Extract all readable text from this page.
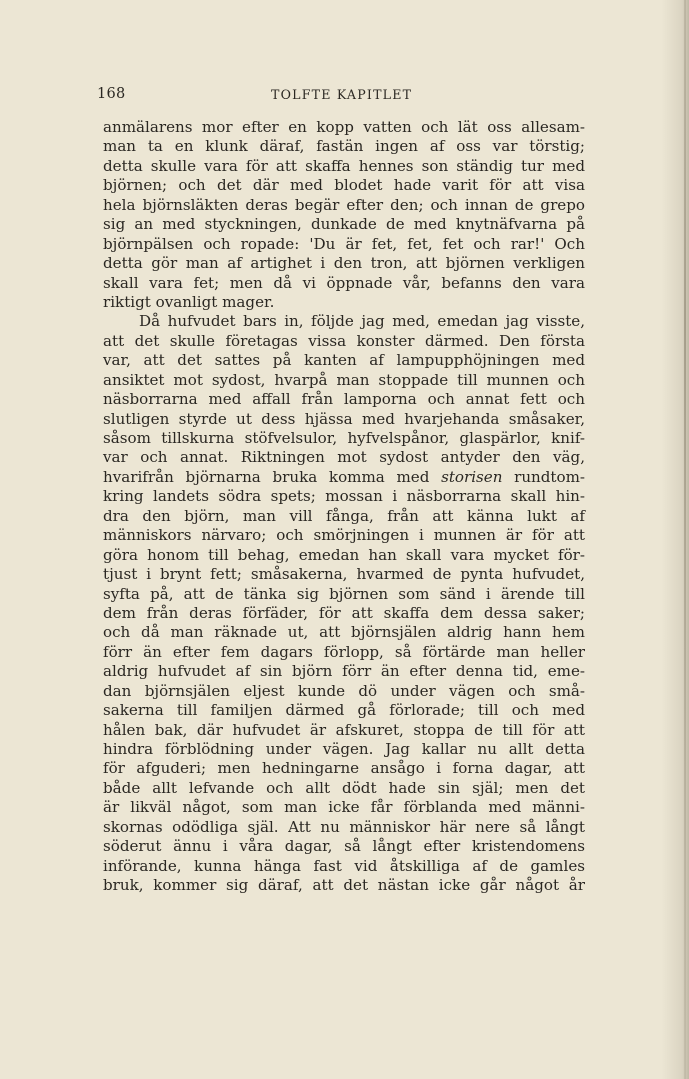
168	TOLFTE KAPITLET
anmälarens mor efter en kopp vatten och lät oss allesam-
man ta en klunk däraf, fastän ingen af oss var törstig;
detta skulle vara för att skaffa hennes son ständig tur med
björnen; och det där med blodet hade varit för att visa
hela björnsläkten deras begär efter den; och innan de grepo
sig an med styckningen, dunkade de med knytnäfvarna på
björnpälsen och ropade: 'Du är fet, fet, fet och rar!' Och
detta gör man af artighet i den tron, att björnen verkligen
skall vara fet; men då vi öppnade vår, befanns den vara
riktigt ovanligt mager.
Då hufvudet bars in, följde jag med, emedan jag visste,
att det skulle företagas vissa konster därmed. Den första
var, att det sattes på kanten af lampupphöjningen med
ansiktet mot sydost, hvarpå man stoppade till munnen och
näsborrarna med affall från lamporna och annat fett och
slutligen styrde ut dess hjässa med hvarjehanda småsaker,
såsom tillskurna stöfvelsulor, hyfvelspånor, glaspärlor, knif-
var och annat. Riktningen mot sydost antyder den väg,
hvarifrån björnarna bruka komma med storisen rundtom-
kring landets södra spets; mossan i näsborrarna skall hin-
dra den björn, man vill fånga, från att känna lukt af
människors närvaro; och smörjningen i munnen är för att
göra honom till behag, emedan han skall vara mycket för-
tjust i brynt fett; småsakerna, hvarmed de pynta hufvudet,
syfta på, att de tänka sig björnen som sänd i ärende till
dem från deras förfäder, för att skaffa dem dessa saker;
och då man räknade ut, att björnsjälen aldrig hann hem
förr än efter fem dagars förlopp, så förtärde man heller
aldrig hufvudet af sin björn förr än efter denna tid, eme-
dan björnsjälen eljest kunde dö under vägen och små-
sakerna till familjen därmed gå förlorade; till och med
hålen bak, där hufvudet är afskuret, stoppa de till för att
hindra förblödning under vägen. Jag kallar nu allt detta
för afguderi; men hedningarne ansågo i forna dagar, att
både allt lefvande och allt dödt hade sin själ; men det
är likväl något, som man icke får förblanda med männi-
skornas odödliga själ. Att nu människor här nere så långt
söderut ännu i våra dagar, så långt efter kristendomens
införande, kunna hänga fast vid åtskilliga af de gamles
bruk, kommer sig däraf, att det nästan icke går något år
